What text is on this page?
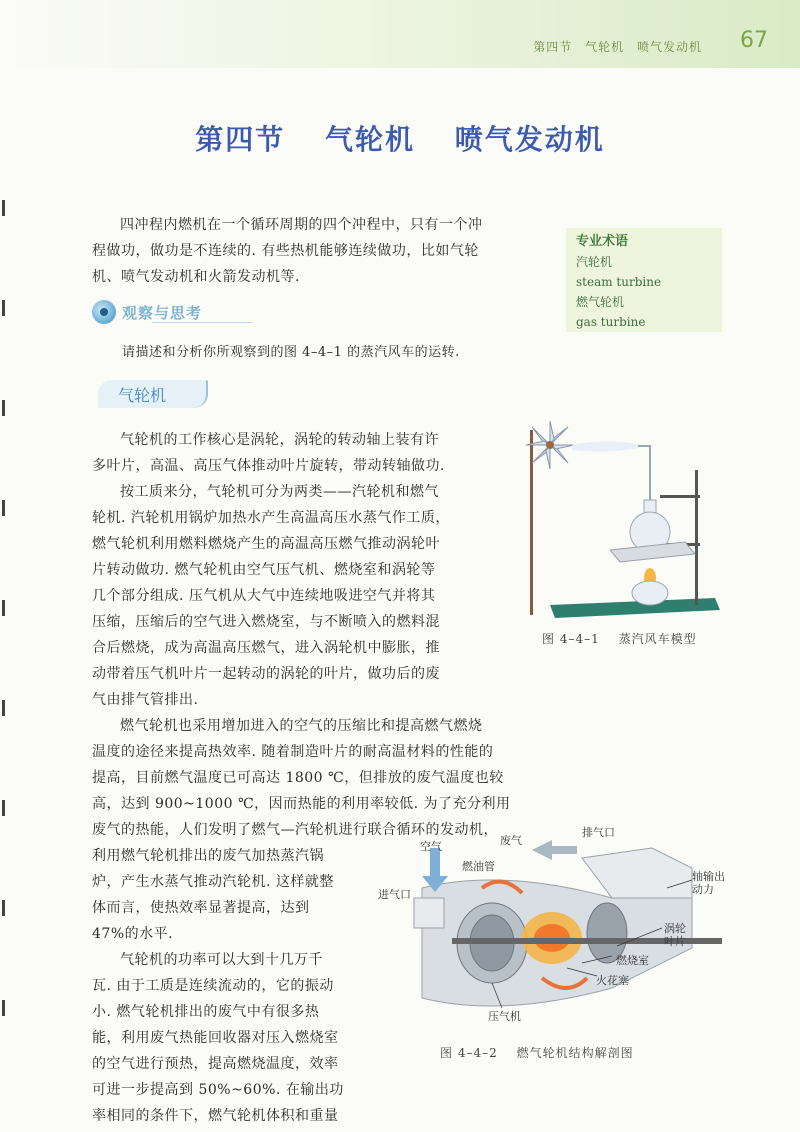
第四节 气轮机 喷气发动机 67
第四节 气轮机 喷气发动机
四冲程内燃机在一个循环周期的四个冲程中，只有一个冲
程做功，做功是不连续的. 有些热机能够连续做功，比如气轮
机、喷气发动机和火箭发动机等.
专业术语
汽轮机
steam turbine
燃气轮机
gas turbine
观察与思考
请描述和分析你所观察到的图 4–4–1 的蒸汽风车的运转.
气轮机
气轮机的工作核心是涡轮，涡轮的转动轴上装有许
多叶片，高温、高压气体推动叶片旋转，带动转轴做功.
按工质来分，气轮机可分为两类——汽轮机和燃气
轮机. 汽轮机用锅炉加热水产生高温高压水蒸气作工质，
燃气轮机利用燃料燃烧产生的高温高压燃气推动涡轮叶
片转动做功. 燃气轮机由空气压气机、燃烧室和涡轮等
几个部分组成. 压气机从大气中连续地吸进空气并将其
压缩，压缩后的空气进入燃烧室，与不断喷入的燃料混
合后燃烧，成为高温高压燃气，进入涡轮机中膨胀，推
动带着压气机叶片一起转动的涡轮的叶片，做功后的废
气由排气管排出.
燃气轮机也采用增加进入的空气的压缩比和提高燃气燃烧
温度的途径来提高热效率. 随着制造叶片的耐高温材料的性能的
提高，目前燃气温度已可高达 1800 ℃，但排放的废气温度也较
高，达到 900~1000 ℃，因而热能的利用率较低. 为了充分利用
废气的热能，人们发明了燃气—汽轮机进行联合循环的发动机，
利用燃气轮机排出的废气加热蒸汽锅
炉，产生水蒸气推动汽轮机. 这样就整
体而言，使热效率显著提高，达到
47%的水平.
气轮机的功率可以大到十几万千
瓦. 由于工质是连续流动的，它的振动
小. 燃气轮机排出的废气中有很多热
能，利用废气热能回收器对压入燃烧室
的空气进行预热，提高燃烧温度，效率
可进一步提高到 50%~60%. 在输出功
率相同的条件下，燃气轮机体积和重量
图 4–4–1 蒸汽风车模型
空气	废气
排气口
燃油管
进气口
轴输出
动力
涡轮
叶片
燃烧室
火花塞
压气机
图 4–4–2 燃气轮机结构解剖图
